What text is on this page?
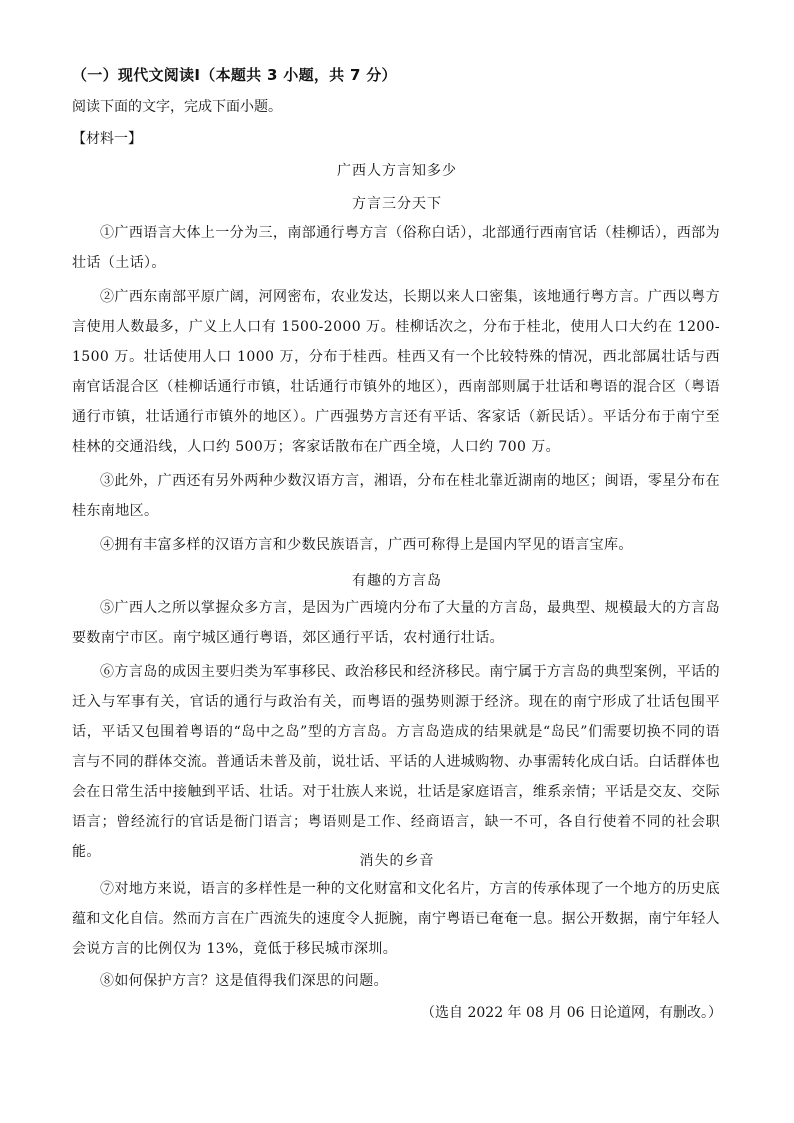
（一）现代文阅读Ⅰ（本题共 3 小题，共 7 分）
阅读下面的文字，完成下面小题。
【材料一】
广西人方言知多少
方言三分天下
①广西语言大体上一分为三，南部通行粤方言（俗称白话），北部通行西南官话（桂柳话），西部为壮话（土话）。
②广西东南部平原广阔，河网密布，农业发达，长期以来人口密集，该地通行粤方言。广西以粤方言使用人数最多，广义上人口有 1500-2000 万。桂柳话次之，分布于桂北，使用人口大约在 1200-1500 万。壮话使用人口 1000 万，分布于桂西。桂西又有一个比较特殊的情况，西北部属壮话与西南官话混合区（桂柳话通行市镇，壮话通行市镇外的地区），西南部则属于壮话和粤语的混合区（粤语通行市镇，壮话通行市镇外的地区）。广西强势方言还有平话、客家话（新民话）。平话分布于南宁至桂林的交通沿线，人口约 500万；客家话散布在广西全境，人口约 700 万。
③此外，广西还有另外两种少数汉语方言，湘语，分布在桂北靠近湖南的地区；闽语，零星分布在桂东南地区。
④拥有丰富多样的汉语方言和少数民族语言，广西可称得上是国内罕见的语言宝库。
有趣的方言岛
⑤广西人之所以掌握众多方言，是因为广西境内分布了大量的方言岛，最典型、规模最大的方言岛要数南宁市区。南宁城区通行粤语，郊区通行平话，农村通行壮话。
⑥方言岛的成因主要归类为军事移民、政治移民和经济移民。南宁属于方言岛的典型案例，平话的迁入与军事有关，官话的通行与政治有关，而粤语的强势则源于经济。现在的南宁形成了壮话包围平话，平话又包围着粤语的“岛中之岛”型的方言岛。方言岛造成的结果就是“岛民”们需要切换不同的语言与不同的群体交流。普通话未普及前，说壮话、平话的人进城购物、办事需转化成白话。白话群体也会在日常生活中接触到平话、壮话。对于壮族人来说，壮话是家庭语言，维系亲情；平话是交友、交际语言；曾经流行的官话是衙门语言；粤语则是工作、经商语言，缺一不可，各自行使着不同的社会职能。
消失的乡音
⑦对地方来说，语言的多样性是一种的文化财富和文化名片，方言的传承体现了一个地方的历史底蕴和文化自信。然而方言在广西流失的速度令人扼腕，南宁粤语已奄奄一息。据公开数据，南宁年轻人会说方言的比例仅为 13%，竟低于移民城市深圳。
⑧如何保护方言？这是值得我们深思的问题。
（选自 2022 年 08 月 06 日论道网，有删改。）
